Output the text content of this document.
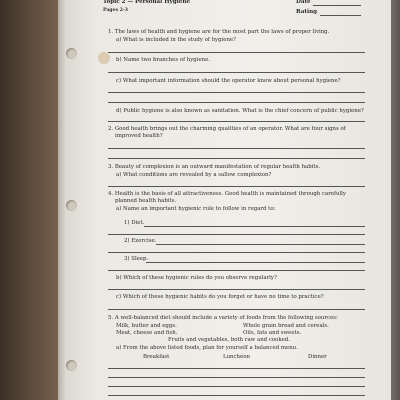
Topic 2 — Personal Hygiene
Pages 2-3
Date
Rating
1. The laws of health and hygiene are for the most part the laws of proper living.
a) What is included in the study of hygiene?
b) Name two branches of hygiene.
c) What important information should the operator know about personal hygiene?
d) Public hygiene is also known as sanitation. What is the chief concern of public hygiene?
2. Good health brings out the charming qualities of an operator. What are four signs of
improved health?
3. Beauty of complexion is an outward manifestation of regular health habits.
a) What conditions are revealed by a sallow complexion?
4. Health is the basis of all attractiveness. Good health is maintained through carefully
planned health habits.
a) Name an important hygienic rule to follow in regard to:
1) Diet.
2) Exercise.
3) Sleep.
b) Which of these hygienic rules do you observe regularly?
c) Which of these hygienic habits do you forget or have no time to practice?
5. A well-balanced diet should include a variety of foods from the following sources:
Milk, butter and eggs.	Whole grain bread and cereals.
Meat, cheese and fish.	Oils, fats and sweets.
Fruits and vegetables, both raw and cooked.
a) From the above listed foods, plan for yourself a balanced menu.
Breakfast	Luncheon	Dinner
